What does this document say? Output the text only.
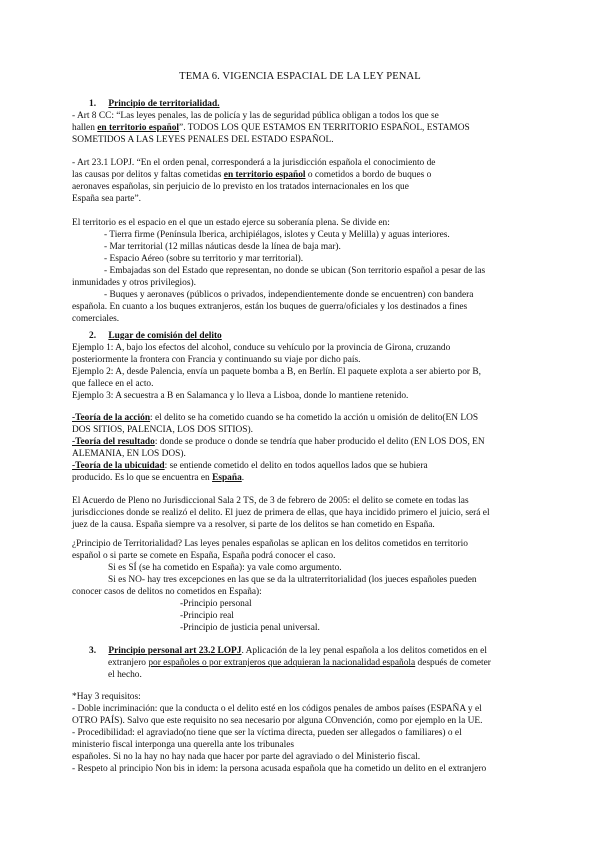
TEMA 6. VIGENCIA ESPACIAL DE LA LEY PENAL
1. Principio de territorialidad.
- Art 8 CC: “Las leyes penales, las de policía y las de seguridad pública obligan a todos los que se
hallen en territorio español”. TODOS LOS QUE ESTAMOS EN TERRITORIO ESPAÑOL, ESTAMOS
SOMETIDOS A LAS LEYES PENALES DEL ESTADO ESPAÑOL.
- Art 23.1 LOPJ. “En el orden penal, corresponderá a la jurisdicción española el conocimiento de
las causas por delitos y faltas cometidas en territorio español o cometidos a bordo de buques o
aeronaves españolas, sin perjuicio de lo previsto en los tratados internacionales en los que
España sea parte”.
El territorio es el espacio en el que un estado ejerce su soberanía plena. Se divide en:
- Tierra firme (Península Iberica, archipiélagos, islotes y Ceuta y Melilla) y aguas interiores.
- Mar territorial (12 millas náuticas desde la línea de baja mar).
- Espacio Aéreo (sobre su territorio y mar territorial).
- Embajadas son del Estado que representan, no donde se ubican (Son territorio español a pesar de las
inmunidades y otros privilegios).
- Buques y aeronaves (públicos o privados, independientemente donde se encuentren) con bandera
española. En cuanto a los buques extranjeros, están los buques de guerra/oficiales y los destinados a fines
comerciales.
2. Lugar de comisión del delito
Ejemplo 1: A, bajo los efectos del alcohol, conduce su vehículo por la provincia de Girona, cruzando
posteriormente la frontera con Francia y continuando su viaje por dicho país.
Ejemplo 2: A, desde Palencia, envía un paquete bomba a B, en Berlín. El paquete explota a ser abierto por B,
que fallece en el acto.
Ejemplo 3: A secuestra a B en Salamanca y lo lleva a Lisboa, donde lo mantiene retenido.
-Teoría de la acción: el delito se ha cometido cuando se ha cometido la acción u omisión de delito(EN LOS
DOS SITIOS, PALENCIA, LOS DOS SITIOS).
-Teoría del resultado: donde se produce o donde se tendría que haber producido el delito (EN LOS DOS, EN
ALEMANIA, EN LOS DOS).
-Teoría de la ubicuidad: se entiende cometido el delito en todos aquellos lados que se hubiera
producido. Es lo que se encuentra en España.
El Acuerdo de Pleno no Jurisdiccional Sala 2 TS, de 3 de febrero de 2005: el delito se comete en todas las
jurisdicciones donde se realizó el delito. El juez de primera de ellas, que haya incidido primero el juicio, será el
juez de la causa. España siempre va a resolver, si parte de los delitos se han cometido en España.
¿Principio de Territorialidad? Las leyes penales españolas se aplican en los delitos cometidos en territorio
español o si parte se comete en España, España podrá conocer el caso.
Si es SÍ (se ha cometido en España): ya vale como argumento.
Si es NO- hay tres excepciones en las que se da la ultraterritorialidad (los jueces españoles pueden
conocer casos de delitos no cometidos en España):
-Principio personal
-Principio real
-Principio de justicia penal universal.
3. Principio personal art 23.2 LOPJ. Aplicación de la ley penal española a los delitos cometidos en el
extranjero por españoles o por extranjeros que adquieran la nacionalidad española después de cometer
el hecho.
*Hay 3 requisitos:
- Doble incriminación: que la conducta o el delito esté en los códigos penales de ambos países (ESPAÑA y el
OTRO PAÍS). Salvo que este requisito no sea necesario por alguna COnvención, como por ejemplo en la UE.
- Procedibilidad: el agraviado(no tiene que ser la víctima directa, pueden ser allegados o familiares) o el
ministerio fiscal interponga una querella ante los tribunales
españoles. Si no la hay no hay nada que hacer por parte del agraviado o del Ministerio fiscal.
- Respeto al principio Non bis in idem: la persona acusada española que ha cometido un delito en el extranjero
